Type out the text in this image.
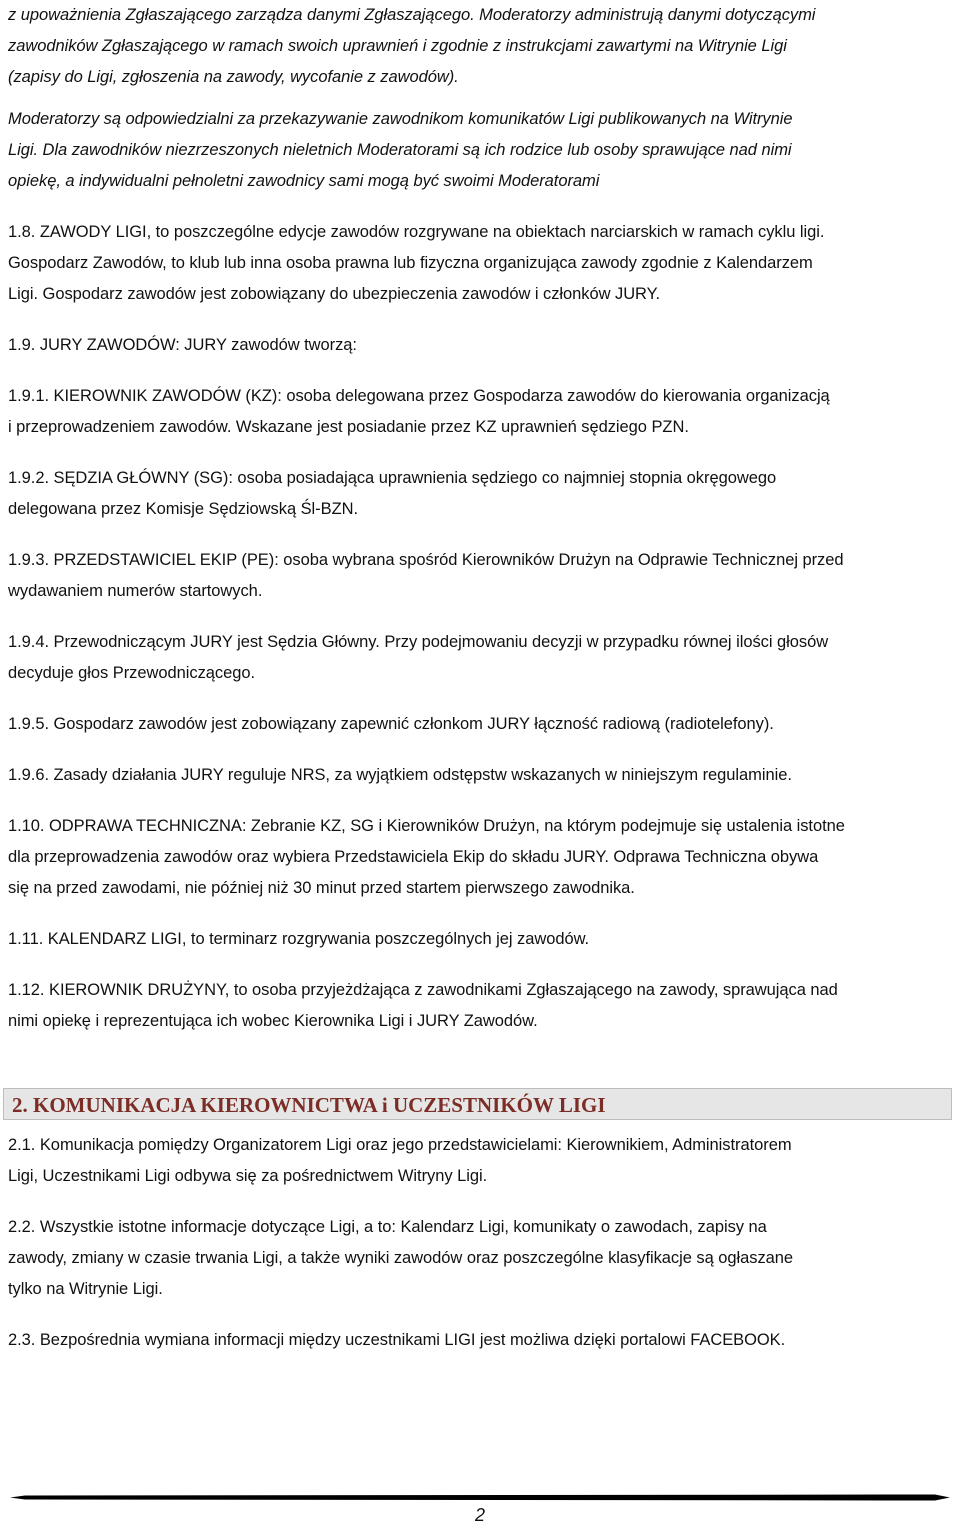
z upoważnienia Zgłaszającego zarządza danymi Zgłaszającego. Moderatorzy administrują danymi dotyczącymi
zawodników Zgłaszającego w ramach swoich uprawnień i zgodnie z instrukcjami zawartymi na Witrynie Ligi
(zapisy do Ligi, zgłoszenia na zawody, wycofanie z zawodów).
Moderatorzy są odpowiedzialni za przekazywanie zawodnikom komunikatów Ligi publikowanych na Witrynie
Ligi. Dla zawodników niezrzeszonych nieletnich Moderatorami są ich rodzice lub osoby sprawujące nad nimi
opiekę, a indywidualni pełnoletni zawodnicy sami mogą być swoimi Moderatorami
1.8. ZAWODY LIGI, to poszczególne edycje zawodów rozgrywane na obiektach narciarskich w ramach cyklu ligi.
Gospodarz Zawodów, to klub lub inna osoba prawna lub fizyczna organizująca zawody zgodnie z Kalendarzem
Ligi. Gospodarz zawodów jest zobowiązany do ubezpieczenia zawodów i członków JURY.
1.9. JURY ZAWODÓW: JURY zawodów tworzą:
1.9.1. KIEROWNIK ZAWODÓW (KZ): osoba delegowana przez Gospodarza zawodów do kierowania organizacją
i przeprowadzeniem zawodów. Wskazane jest posiadanie przez KZ uprawnień sędziego PZN.
1.9.2. SĘDZIA GŁÓWNY (SG): osoba posiadająca uprawnienia sędziego co najmniej stopnia okręgowego
delegowana przez Komisje Sędziowską Śl-BZN.
1.9.3. PRZEDSTAWICIEL EKIP (PE): osoba wybrana spośród Kierowników Drużyn na Odprawie Technicznej przed
wydawaniem numerów startowych.
1.9.4. Przewodniczącym JURY jest Sędzia Główny. Przy podejmowaniu decyzji w przypadku równej ilości głosów
decyduje głos Przewodniczącego.
1.9.5. Gospodarz zawodów jest zobowiązany zapewnić członkom JURY łączność radiową (radiotelefony).
1.9.6. Zasady działania JURY reguluje NRS, za wyjątkiem odstępstw wskazanych w niniejszym regulaminie.
1.10. ODPRAWA TECHNICZNA: Zebranie KZ, SG i Kierowników Drużyn, na którym podejmuje się ustalenia istotne
dla przeprowadzenia zawodów oraz wybiera Przedstawiciela Ekip do składu JURY. Odprawa Techniczna obywa
się na przed zawodami, nie później niż 30 minut przed startem pierwszego zawodnika.
1.11. KALENDARZ LIGI, to terminarz rozgrywania poszczególnych jej zawodów.
1.12. KIEROWNIK DRUŻYNY, to osoba przyjeżdżająca z zawodnikami Zgłaszającego na zawody, sprawująca nad
nimi opiekę i reprezentująca ich wobec Kierownika Ligi i JURY Zawodów.
2.1. Komunikacja pomiędzy Organizatorem Ligi oraz jego przedstawicielami: Kierownikiem, Administratorem
Ligi, Uczestnikami Ligi odbywa się za pośrednictwem Witryny Ligi.
2.2. Wszystkie istotne informacje dotyczące Ligi, a to: Kalendarz Ligi, komunikaty o zawodach, zapisy na
zawody, zmiany w czasie trwania Ligi, a także wyniki zawodów oraz poszczególne klasyfikacje są ogłaszane
tylko na Witrynie Ligi.
2.3. Bezpośrednia wymiana informacji między uczestnikami LIGI jest możliwa dzięki portalowi FACEBOOK.
2. KOMUNIKACJA KIEROWNICTWA i UCZESTNIKÓW LIGI
2
